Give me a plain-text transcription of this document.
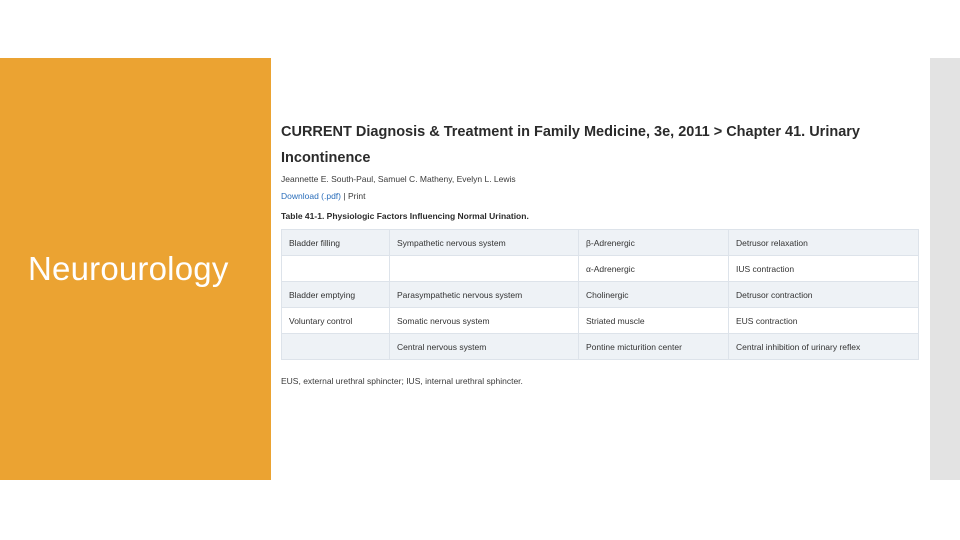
Neurourology
CURRENT Diagnosis & Treatment in Family Medicine, 3e, 2011 > Chapter 41. Urinary Incontinence
Jeannette E. South-Paul, Samuel C. Matheny, Evelyn L. Lewis
Download (.pdf) | Print
Table 41-1. Physiologic Factors Influencing Normal Urination.
Bladder filling	Sympathetic nervous system	β-Adrenergic	Detrusor relaxation
		α-Adrenergic	IUS contraction
Bladder emptying	Parasympathetic nervous system	Cholinergic	Detrusor contraction
Voluntary control	Somatic nervous system	Striated muscle	EUS contraction
	Central nervous system	Pontine micturition center	Central inhibition of urinary reflex
EUS, external urethral sphincter; IUS, internal urethral sphincter.
